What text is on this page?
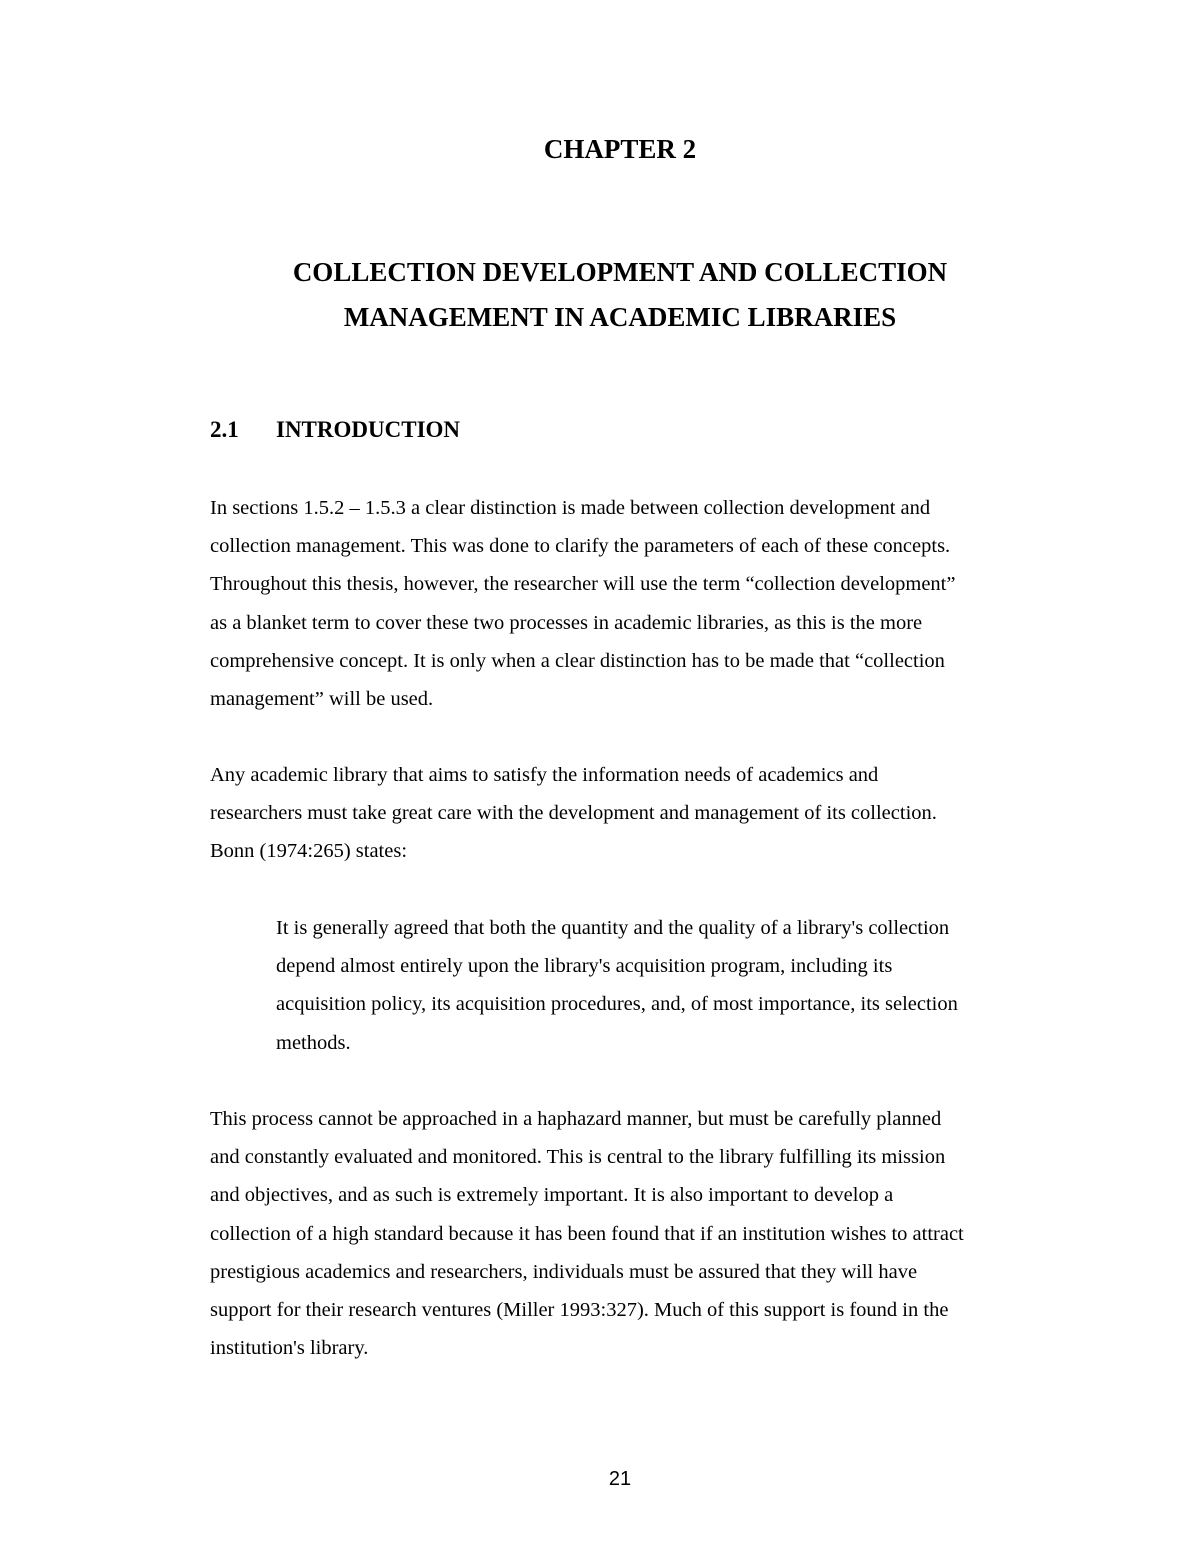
CHAPTER 2
COLLECTION DEVELOPMENT AND COLLECTION
MANAGEMENT IN ACADEMIC LIBRARIES
2.1 INTRODUCTION

In sections 1.5.2 – 1.5.3 a clear distinction is made between collection development and
collection management. This was done to clarify the parameters of each of these concepts.
Throughout this thesis, however, the researcher will use the term “collection development”
as a blanket term to cover these two processes in academic libraries, as this is the more
comprehensive concept. It is only when a clear distinction has to be made that “collection
management” will be used.

Any academic library that aims to satisfy the information needs of academics and
researchers must take great care with the development and management of its collection.
Bonn (1974:265) states:

It is generally agreed that both the quantity and the quality of a library's collection
depend almost entirely upon the library's acquisition program, including its
acquisition policy, its acquisition procedures, and, of most importance, its selection
methods.

This process cannot be approached in a haphazard manner, but must be carefully planned
and constantly evaluated and monitored. This is central to the library fulfilling its mission
and objectives, and as such is extremely important. It is also important to develop a
collection of a high standard because it has been found that if an institution wishes to attract
prestigious academics and researchers, individuals must be assured that they will have
support for their research ventures (Miller 1993:327). Much of this support is found in the
institution's library.

21
